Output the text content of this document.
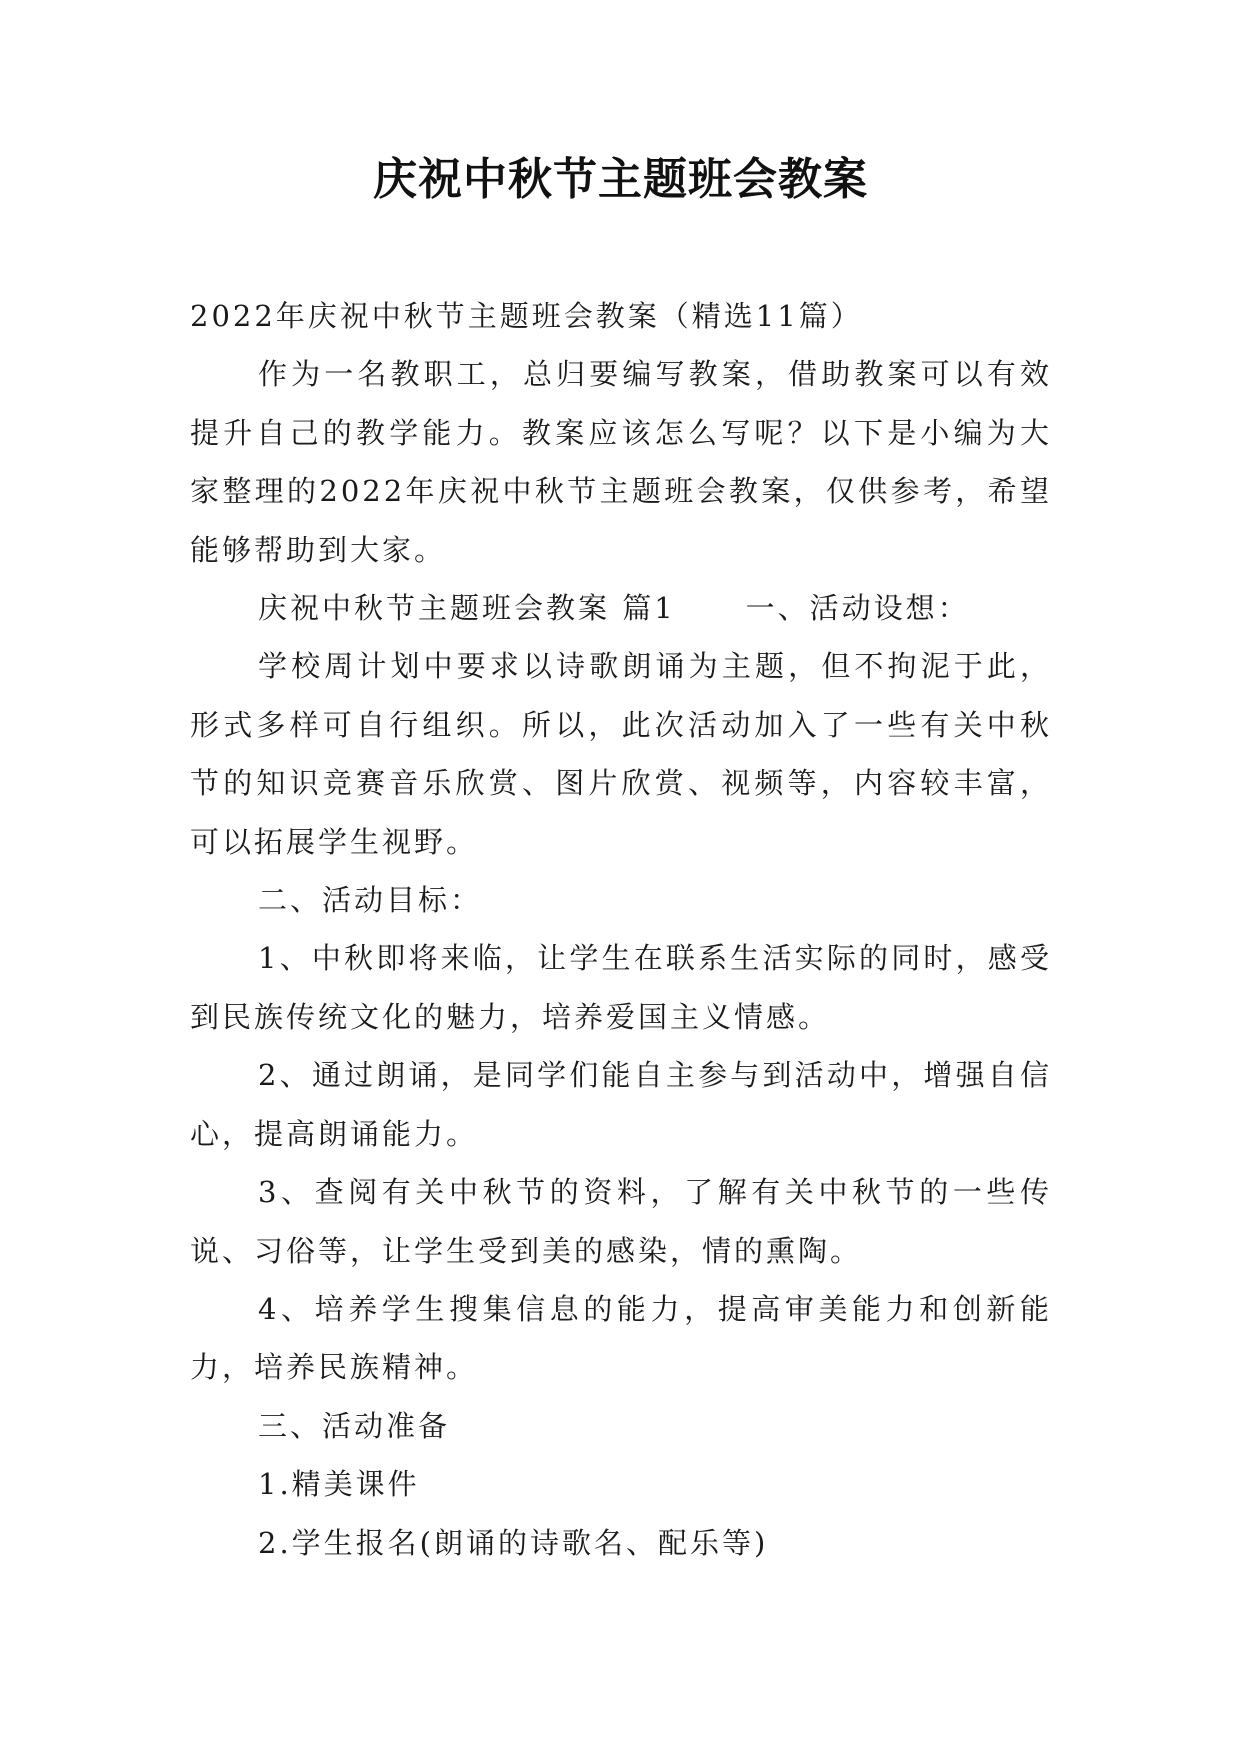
庆祝中秋节主题班会教案

2022年庆祝中秋节主题班会教案（精选11篇）

作为一名教职工，总归要编写教案，借助教案可以有效提升自己的教学能力。教案应该怎么写呢？以下是小编为大家整理的2022年庆祝中秋节主题班会教案，仅供参考，希望能够帮助到大家。

庆祝中秋节主题班会教案 篇1 一、活动设想：

学校周计划中要求以诗歌朗诵为主题，但不拘泥于此，形式多样可自行组织。所以，此次活动加入了一些有关中秋节的知识竞赛音乐欣赏、图片欣赏、视频等，内容较丰富，可以拓展学生视野。

二、活动目标：

1、中秋即将来临，让学生在联系生活实际的同时，感受到民族传统文化的魅力，培养爱国主义情感。

2、通过朗诵，是同学们能自主参与到活动中，增强自信心，提高朗诵能力。

3、查阅有关中秋节的资料，了解有关中秋节的一些传说、习俗等，让学生受到美的感染，情的熏陶。

4、培养学生搜集信息的能力，提高审美能力和创新能力，培养民族精神。

三、活动准备

1.精美课件

2.学生报名(朗诵的诗歌名、配乐等)
